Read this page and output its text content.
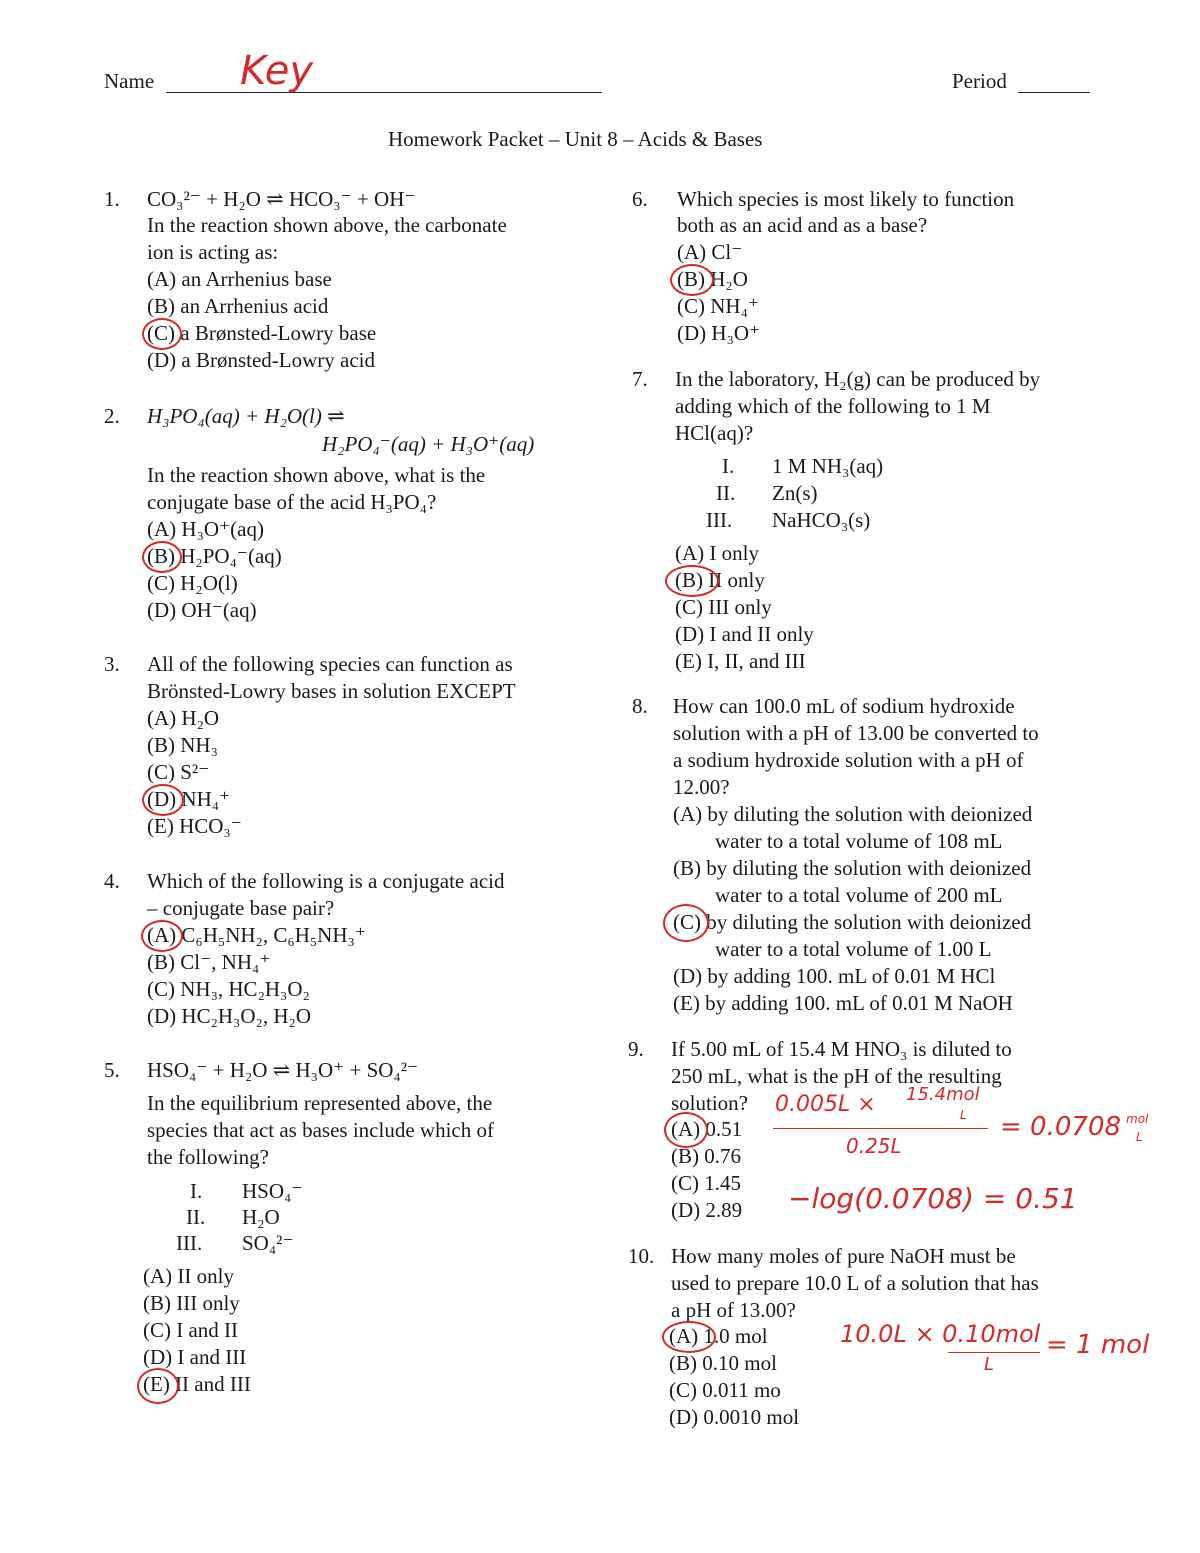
Name Key	Period
Homework Packet – Unit 8 – Acids & Bases
1. CO₃²⁻ + H₂O ⇌ HCO₃⁻ + OH⁻
In the reaction shown above, the carbonate
ion is acting as:
(A) an Arrhenius base
(B) an Arrhenius acid
(C) a Brønsted-Lowry base
(D) a Brønsted-Lowry acid
2. H₃PO₄(aq) + H₂O(l) ⇌
H₂PO₄⁻(aq) + H₃O⁺(aq)
In the reaction shown above, what is the
conjugate base of the acid H₃PO₄?
(A) H₃O⁺(aq)
(B) H₂PO₄⁻(aq)
(C) H₂O(l)
(D) OH⁻(aq)
3. All of the following species can function as
Brönsted-Lowry bases in solution EXCEPT
(A) H₂O
(B) NH₃
(C) S²⁻
(D) NH₄⁺
(E) HCO₃⁻
4. Which of the following is a conjugate acid
– conjugate base pair?
(A) C₆H₅NH₂, C₆H₅NH₃⁺
(B) Cl⁻, NH₄⁺
(C) NH₃, HC₂H₃O₂
(D) HC₂H₃O₂, H₂O
5. HSO₄⁻ + H₂O ⇌ H₃O⁺ + SO₄²⁻
In the equilibrium represented above, the
species that act as bases include which of
the following?
I. HSO₄⁻
II. H₂O
III. SO₄²⁻
(A) II only
(B) III only
(C) I and II
(D) I and III
(E) II and III
6. Which species is most likely to function
both as an acid and as a base?
(A) Cl⁻
(B) H₂O
(C) NH₄⁺
(D) H₃O⁺
7. In the laboratory, H₂(g) can be produced by
adding which of the following to 1 M
HCl(aq)?
I. 1 M NH₃(aq)
II. Zn(s)
III. NaHCO₃(s)
(A) I only
(B) II only
(C) III only
(D) I and II only
(E) I, II, and III
8. How can 100.0 mL of sodium hydroxide
solution with a pH of 13.00 be converted to
a sodium hydroxide solution with a pH of
12.00?
(A) by diluting the solution with deionized
water to a total volume of 108 mL
(B) by diluting the solution with deionized
water to a total volume of 200 mL
(C) by diluting the solution with deionized
water to a total volume of 1.00 L
(D) by adding 100. mL of 0.01 M HCl
(E) by adding 100. mL of 0.01 M NaOH
9. If 5.00 mL of 15.4 M HNO₃ is diluted to
250 mL, what is the pH of the resulting
solution?
(A) 0.51
(B) 0.76
(C) 1.45
(D) 2.89
0.005L × 15.4mol
L
0.25L
= 0.0708 mol
L
−log(0.0708) = 0.51
10. How many moles of pure NaOH must be
used to prepare 10.0 L of a solution that has
a pH of 13.00?
(A) 1.0 mol
(B) 0.10 mol
(C) 0.011 mo
(D) 0.0010 mol
10.0L × 0.10mol
L
= 1 mol
